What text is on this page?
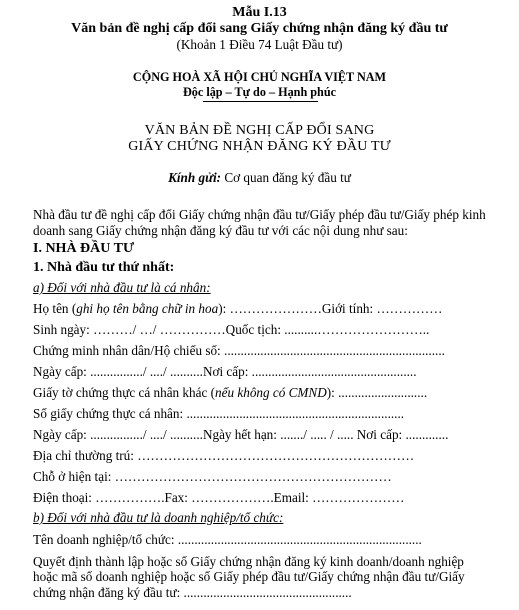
Mẫu I.13
Văn bản đề nghị cấp đổi sang Giấy chứng nhận đăng ký đầu tư
(Khoản 1 Điều 74 Luật Đầu tư)
CỘNG HOÀ XÃ HỘI CHỦ NGHĨA VIỆT NAM
Độc lập – Tự do – Hạnh phúc
VĂN BẢN ĐỀ NGHỊ CẤP ĐỔI SANG
GIẤY CHỨNG NHẬN ĐĂNG KÝ ĐẦU TƯ
Kính gửi: Cơ quan đăng ký đầu tư
Nhà đầu tư đề nghị cấp đổi Giấy chứng nhận đầu tư/Giấy phép đầu tư/Giấy phép kinh
doanh sang Giấy chứng nhận đăng ký đầu tư với các nội dung như sau:
I. NHÀ ĐẦU TƯ
1. Nhà đầu tư thứ nhất:
a) Đối với nhà đầu tư là cá nhân:
Họ tên (ghi họ tên bằng chữ in hoa): …………………Giới tính: ……………
Sinh ngày: ………/ …/ ……………Quốc tịch: ..........……………………..
Chứng minh nhân dân/Hộ chiếu số: ...................................................................
Ngày cấp: ................/ ..../ ..........Nơi cấp: ..................................................
Giấy tờ chứng thực cá nhân khác (nếu không có CMND): ...........................
Số giấy chứng thực cá nhân: ..................................................................
Ngày cấp: ................/ ..../ ..........Ngày hết hạn: ......./ ..... / ..... Nơi cấp: .............
Địa chỉ thường trú: ………………………………………………………
Chỗ ở hiện tại: ………………………………………………………
Điện thoại: …………….Fax: ……………….Email: …………………
b) Đối với nhà đầu tư là doanh nghiệp/tổ chức:
Tên doanh nghiệp/tổ chức: ..........................................................................
Quyết định thành lập hoặc số Giấy chứng nhận đăng ký kinh doanh/doanh nghiệp
hoặc mã số doanh nghiệp hoặc số Giấy phép đầu tư/Giấy chứng nhận đầu tư/Giấy
chứng nhận đăng ký đầu tư: ...................................................
